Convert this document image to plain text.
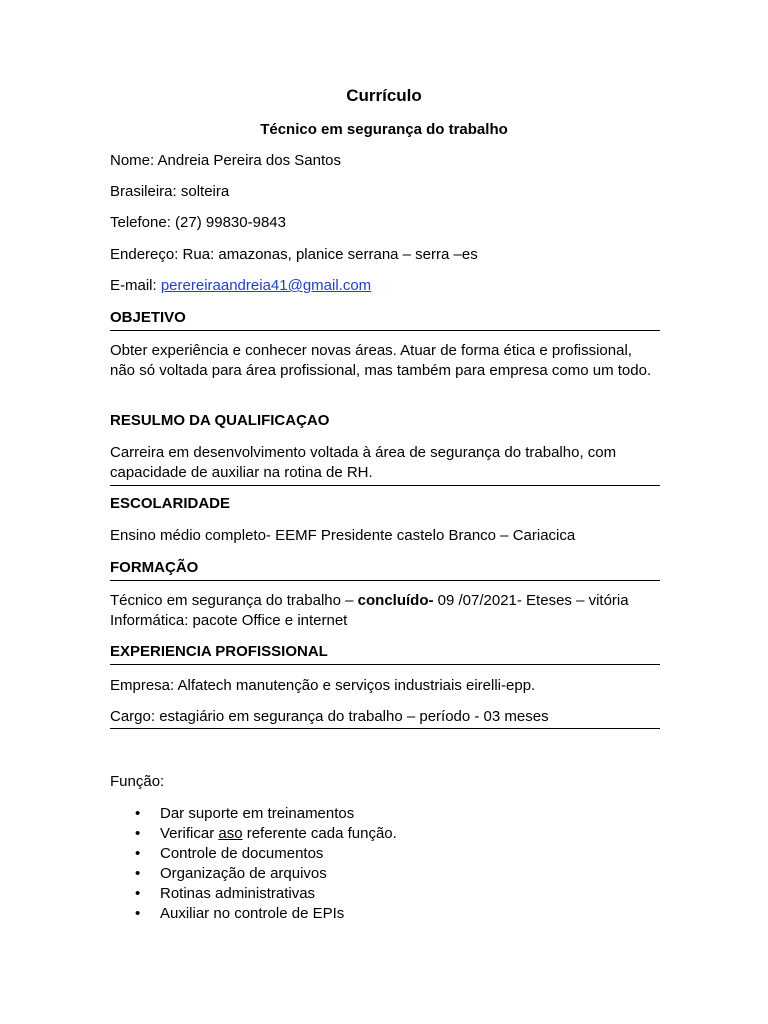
Currículo
Técnico em segurança do trabalho
Nome: Andreia Pereira dos Santos
Brasileira: solteira
Telefone: (27) 99830-9843
Endereço: Rua: amazonas, planice serrana – serra –es
E-mail: perereiraandreia41@gmail.com
OBJETIVO
Obter experiência e conhecer novas áreas. Atuar de forma ética e profissional, não só voltada para área profissional, mas também para empresa como um todo.
RESULMO DA QUALIFICAÇAO
Carreira em desenvolvimento voltada à área de segurança do trabalho, com capacidade de auxiliar na rotina de RH.
ESCOLARIDADE
Ensino médio completo- EEMF Presidente castelo Branco – Cariacica
FORMAÇÃO
Técnico em segurança do trabalho – concluído- 09 /07/2021- Eteses – vitória
Informática: pacote Office e internet
EXPERIENCIA PROFISSIONAL
Empresa: Alfatech manutenção e serviços industriais eirelli-epp.
Cargo: estagiário em segurança do trabalho – período - 03 meses
Função:
• Dar suporte em treinamentos
• Verificar aso referente cada função.
• Controle de documentos
• Organização de arquivos
• Rotinas administrativas
• Auxiliar no controle de EPIs
